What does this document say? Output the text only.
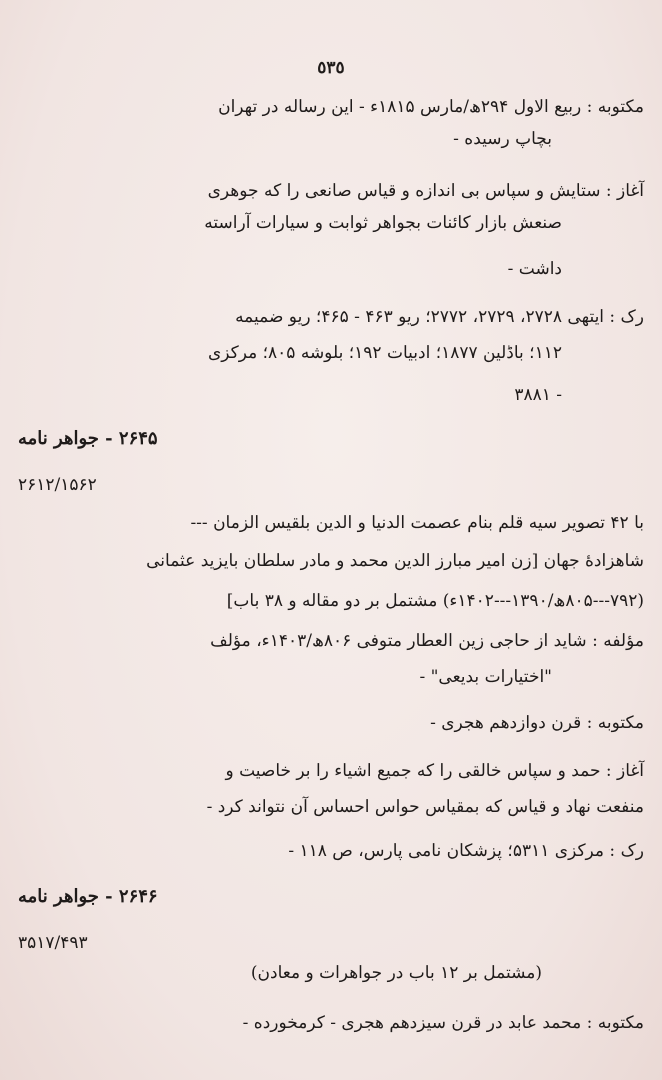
٥٣٥
مکتوبه : ربیع الاول ۲۹۴ھ/مارس ۱۸۱۵ء - این رساله در تهران
بچاپ رسیده -
آغاز : ستایش و سپاس بی اندازه و قیاس صانعی را که جوهری
صنعش بازار کائنات بجواهر ثوابت و سیارات آراسته
داشت -
رک : ایتهی ۲۷۲۸، ۲۷۲۹، ۲۷۷۲؛ ریو ۴۶۳ - ۴۶۵؛ ریو ضمیمه
۱۱۲؛ باڈلین ۱۸۷۷؛ ادبیات ۱۹۲؛ بلوشه ۸۰۵؛ مرکزی
۳۸۸۱ -
۲۶۴۵ - جواهر نامه
۲۶۱۲/۱۵۶۲
با ۴۲ تصویر سیه قلم بنام عصمت الدنیا و الدین بلقیس الزمان ---
شاهزادهٔ جهان [زن امیر مبارز الدین محمد و مادر سلطان بایزید عثمانی
(۷۹۲---۸۰۵ھ/۱۳۹۰---۱۴۰۲ء) مشتمل بر دو مقاله و ۳۸ باب]
مؤلفه : شاید از حاجی زین العطار متوفی ۸۰۶ھ/۱۴۰۳ء، مؤلف
"اختیارات بدیعی" -
مکتوبه : قرن دوازدهم هجری -
آغاز : حمد و سپاس خالقی را که جمیع اشیاء را بر خاصیت و
منفعت نهاد و قیاس که بمقیاس حواس احساس آن نتواند کرد -
رک : مرکزی ۵۳۱۱؛ پزشکان نامی پارس، ص ۱۱۸ -
۲۶۴۶ - جواهر نامه
۳۵۱۷/۴۹۳
(مشتمل بر ۱۲ باب در جواهرات و معادن)
مکتوبه : محمد عابد در قرن سیزدهم هجری - کرمخورده -
